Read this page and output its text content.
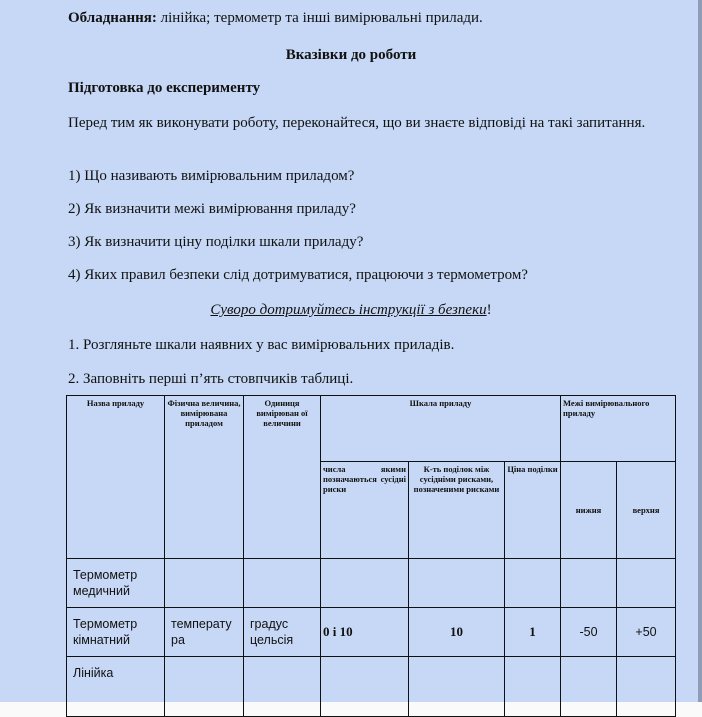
Обладнання: лінійка; термометр та інші вимірювальні прилади.
Вказівки до роботи
Підготовка до експерименту
Перед тим як виконувати роботу, переконайтеся, що ви знаєте відповіді на такі запитання.
1) Що називають вимірювальним приладом?
2) Як визначити межі вимірювання приладу?
3) Як визначити ціну поділки шкали приладу?
4) Яких правил безпеки слід дотримуватися, працюючи з термометром?
Суворо дотримуйтесь інструкції з безпеки!
1. Розгляньте шкали наявних у вас вимірювальних приладів.
2. Заповніть перші п’ять стовпчиків таблиці.
Назва приладу	Фізична величина, вимірювана приладом	Одиниця вимірюван ої величини	Шкала приладу			Межі вимірювального приладу	
			числа якими позначаються сусідні риски	К-ть поділок між сусідніми рисками, позначеними рисками	Ціна поділки	нижня	верхня
Термометр медичний							
Термометр кімнатний	температу ра	градус цельсія	0 і 10	10	1	-50	+50
Лінійка							
